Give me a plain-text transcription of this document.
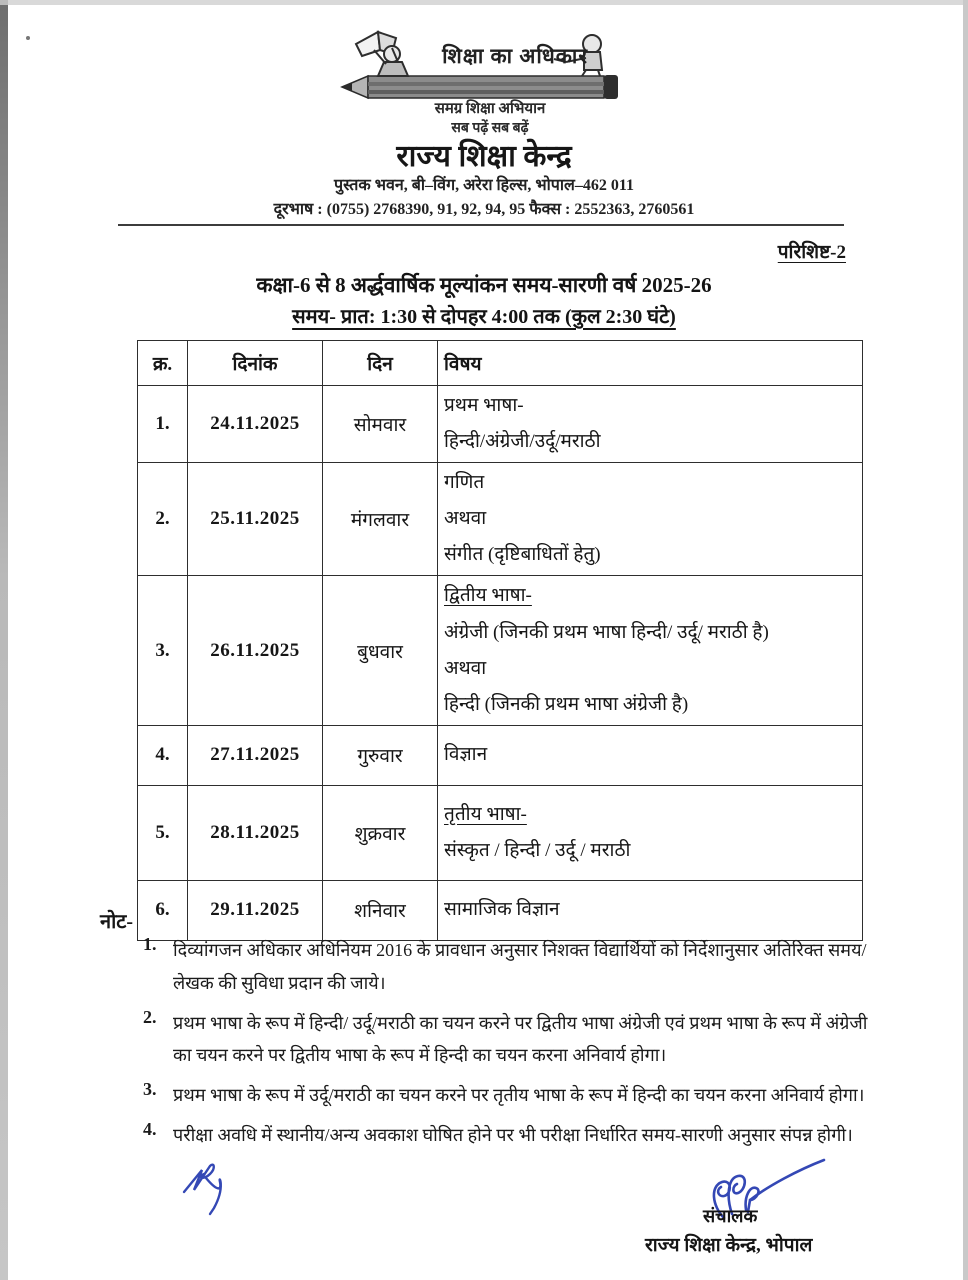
शिक्षा का अधिकार
समग्र शिक्षा अभियान
सब पढ़ें सब बढ़ें
राज्य शिक्षा केन्द्र
पुस्तक भवन, बी–विंग, अरेरा हिल्स, भोपाल–462 011
दूरभाष : (0755) 2768390, 91, 92, 94, 95 फैक्स : 2552363, 2760561
परिशिष्ट-2
कक्षा-6 से 8 अर्द्धवार्षिक मूल्यांकन समय-सारणी वर्ष 2025-26
समय- प्रात: 1:30 से दोपहर 4:00 तक (कुल 2:30 घंटे)
क्र.	दिनांक	दिन	विषय
1.	24.11.2025	सोमवार	प्रथम भाषा-
हिन्दी/अंग्रेजी/उर्दू/मराठी

2.	25.11.2025	मंगलवार	गणित
अथवा
संगीत (दृष्टिबाधितों हेतु)

3.	26.11.2025	बुधवार	द्वितीय भाषा-
अंग्रेजी (जिनकी प्रथम भाषा हिन्दी/ उर्दू/ मराठी है)
अथवा
हिन्दी (जिनकी प्रथम भाषा अंग्रेजी है)

4.	27.11.2025	गुरुवार	विज्ञान

5.	28.11.2025	शुक्रवार	तृतीय भाषा-
संस्कृत / हिन्दी / उर्दू / मराठी

6.	29.11.2025	शनिवार	सामाजिक विज्ञान
नोट-
1. दिव्यांगजन अधिकार अधिनियम 2016 के प्रावधान अनुसार निशक्त विद्यार्थियों को निर्देशानुसार अतिरिक्त समय/ लेखक की सुविधा प्रदान की जाये।
2. प्रथम भाषा के रूप में हिन्दी/ उर्दू/मराठी का चयन करने पर द्वितीय भाषा अंग्रेजी एवं प्रथम भाषा के रूप में अंग्रेजी का चयन करने पर द्वितीय भाषा के रूप में हिन्दी का चयन करना अनिवार्य होगा।
3. प्रथम भाषा के रूप में उर्दू/मराठी का चयन करने पर तृतीय भाषा के रूप में हिन्दी का चयन करना अनिवार्य होगा।
4. परीक्षा अवधि में स्थानीय/अन्य अवकाश घोषित होने पर भी परीक्षा निर्धारित समय-सारणी अनुसार संपन्न होगी।
संचालक
राज्य शिक्षा केन्द्र, भोपाल
